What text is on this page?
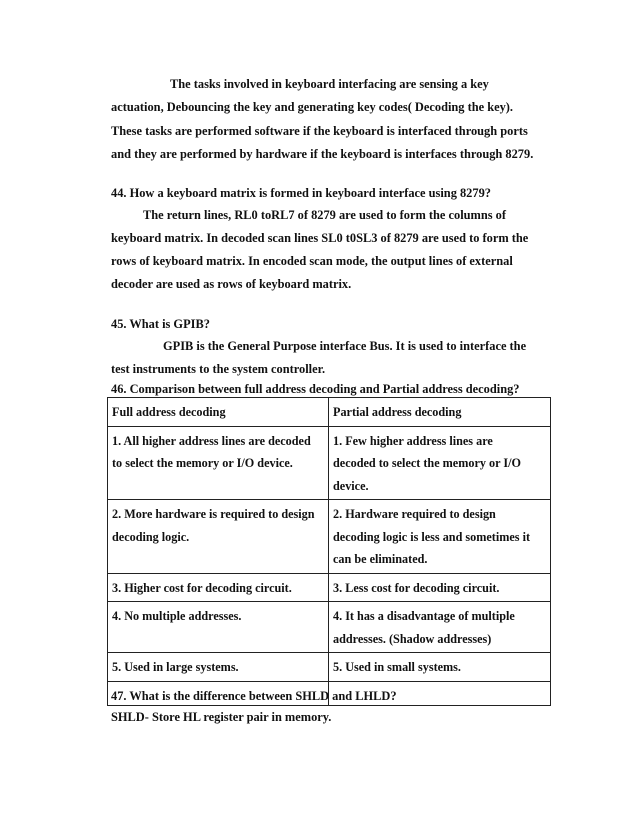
The tasks involved in keyboard interfacing are sensing a key
actuation, Debouncing the key and generating key codes( Decoding the key).
These tasks are performed software if the keyboard is interfaced through ports
and they are performed by hardware if the keyboard is interfaces through 8279.
44. How a keyboard matrix is formed in keyboard interface using 8279?
The return lines, RL0 toRL7 of 8279 are used to form the columns of
keyboard matrix. In decoded scan lines SL0 t0SL3 of 8279 are used to form the
rows of keyboard matrix. In encoded scan mode, the output lines of external
decoder are used as rows of keyboard matrix.
45. What is GPIB?
GPIB is the General Purpose interface Bus. It is used to interface the
test instruments to the system controller.
46. Comparison between full address decoding and Partial address decoding?
Full address decoding	Partial address decoding
1. All higher address lines are decoded
to select the memory or I/O device.	1. Few higher address lines are
decoded to select the memory or I/O
device.
2. More hardware is required to design
decoding logic.	2. Hardware required to design
decoding logic is less and sometimes it
can be eliminated.
3. Higher cost for decoding circuit.	3. Less cost for decoding circuit.
4. No multiple addresses.	4. It has a disadvantage of multiple
addresses. (Shadow addresses)
5. Used in large systems.	5. Used in small systems.

47. What is the difference between SHLD and LHLD?
SHLD- Store HL register pair in memory.
